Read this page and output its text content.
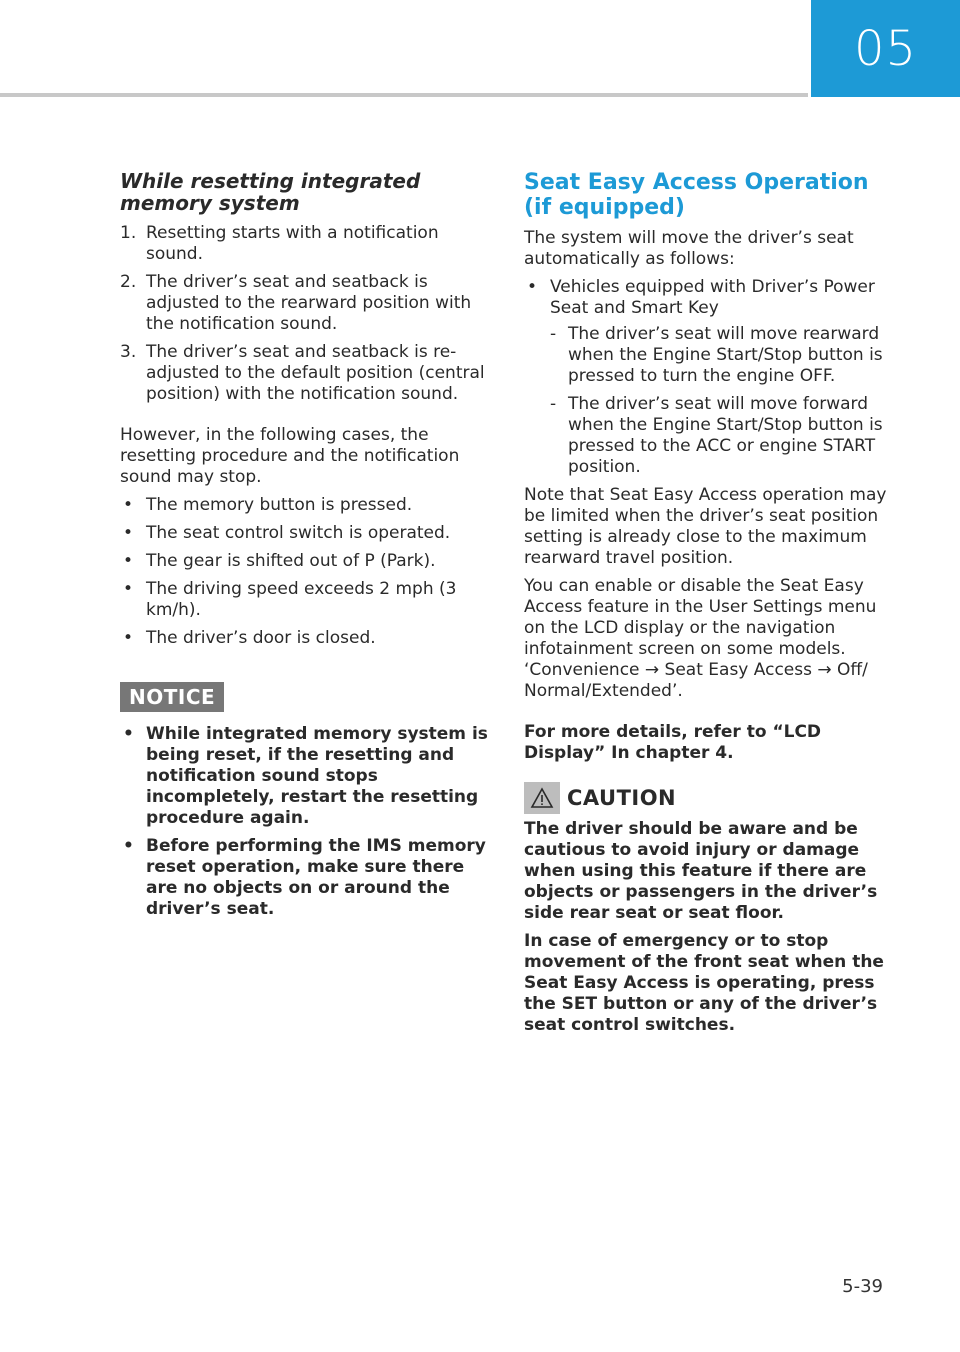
05
While resetting integrated memory system
1. Resetting starts with a notification sound.
2. The driver’s seat and seatback is adjusted to the rearward position with the notification sound.
3. The driver’s seat and seatback is re-adjusted to the default position (central position) with the notification sound.

However, in the following cases, the resetting procedure and the notification sound may stop.

• The memory button is pressed.
• The seat control switch is operated.
• The gear is shifted out of P (Park).
• The driving speed exceeds 2 mph (3 km/h).
• The driver’s door is closed.
NOTICE
• While integrated memory system is being reset, if the resetting and notification sound stops incompletely, restart the resetting procedure again.
• Before performing the IMS memory reset operation, make sure there are no objects on or around the driver’s seat.
Seat Easy Access Operation (if equipped)

The system will move the driver’s seat automatically as follows:

• Vehicles equipped with Driver’s Power Seat and Smart Key
- The driver’s seat will move rearward when the Engine Start/Stop button is pressed to turn the engine OFF.
- The driver’s seat will move forward when the Engine Start/Stop button is pressed to the ACC or engine START position.

Note that Seat Easy Access operation may be limited when the driver’s seat position setting is already close to the maximum rearward travel position.

You can enable or disable the Seat Easy Access feature in the User Settings menu on the LCD display or the navigation infotainment screen on some models. ‘Convenience → Seat Easy Access → Off/ Normal/Extended’.

For more details, refer to “LCD Display” In chapter 4.

CAUTION

The driver should be aware and be cautious to avoid injury or damage when using this feature if there are objects or passengers in the driver’s side rear seat or seat floor.

In case of emergency or to stop movement of the front seat when the Seat Easy Access is operating, press the SET button or any of the driver’s seat control switches.

5-39
